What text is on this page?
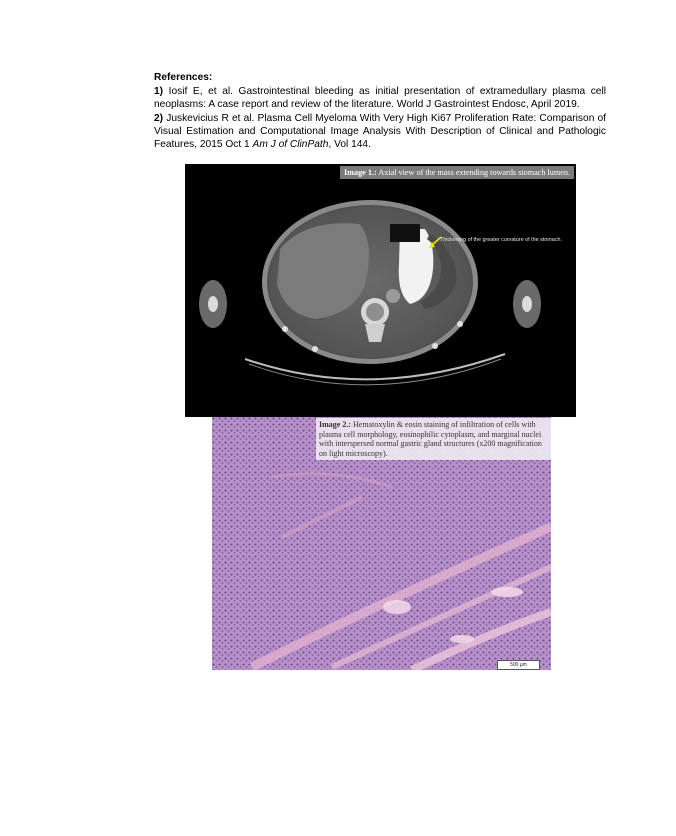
References:

1) Iosif E, et al. Gastrointestinal bleeding as initial presentation of extramedullary plasma cell neoplasms: A case report and review of the literature. World J Gastrointest Endosc, April 2019.

2) Juskevicius R et al. Plasma Cell Myeloma With Very High Ki67 Proliferation Rate: Comparison of Visual Estimation and Computational Image Analysis With Description of Clinical and Pathologic Features, 2015 Oct 1 Am J of ClinPath, Vol 144.

Image 1.: Axial view of the mass extending towards stomach lumen.
Thickening of the greater curvature of the stomach.
Image 2.: Hematoxylin & eosin staining of infiltration of cells with plasma cell morphology, eosinophilic cytoplasm, and marginal nuclei with interspersed normal gastric gland structures (x200 magnification on light microscopy).
500 µm
